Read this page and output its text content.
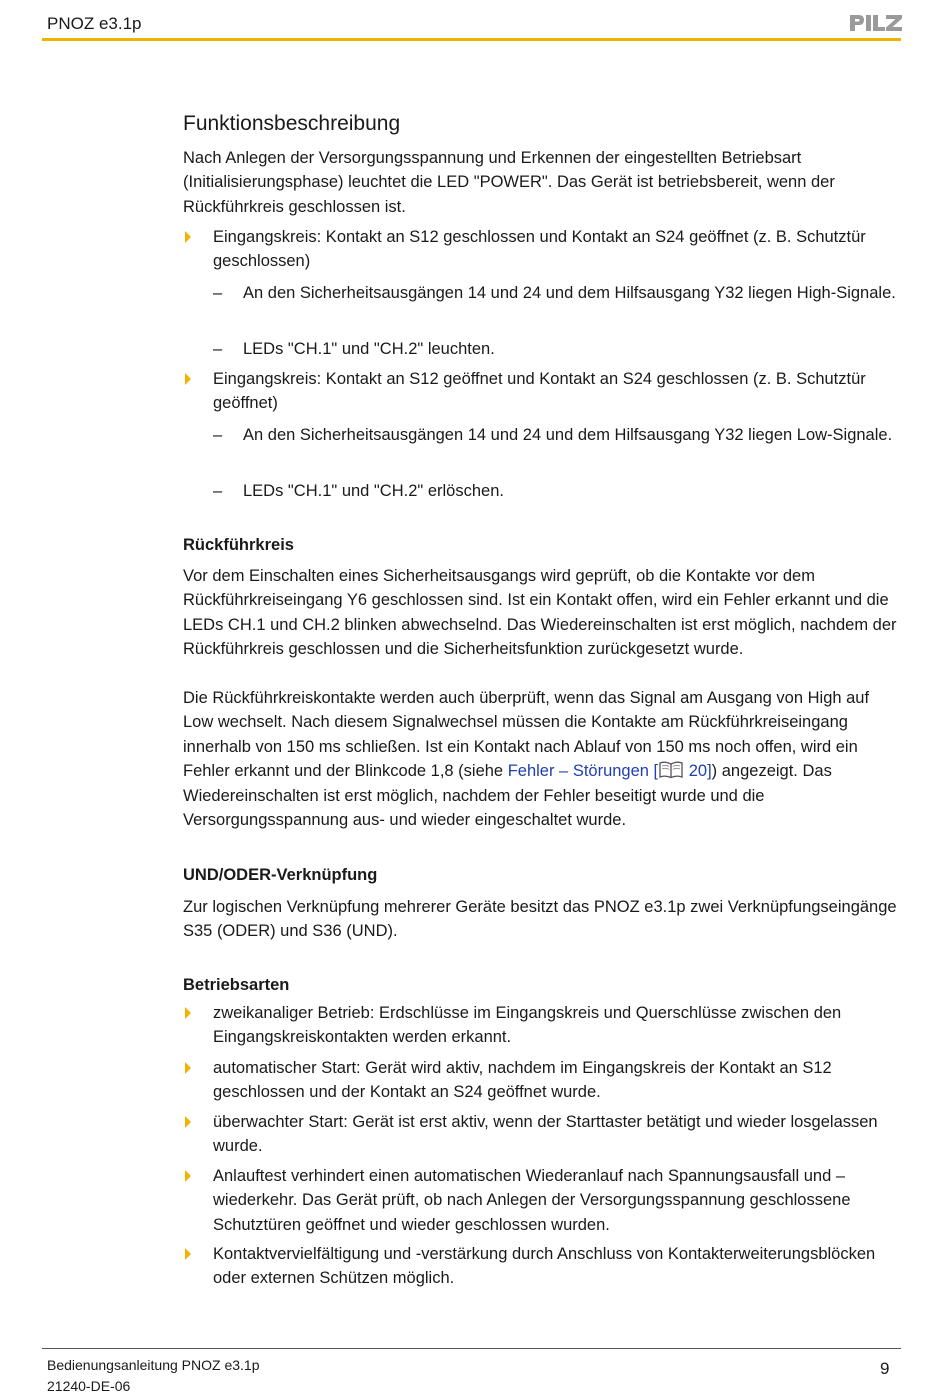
PNOZ e3.1p
Funktionsbeschreibung
Nach Anlegen der Versorgungsspannung und Erkennen der eingestellten Betriebsart (Initialisierungsphase) leuchtet die LED "POWER". Das Gerät ist betriebsbereit, wenn der Rückführkreis geschlossen ist.
Eingangskreis: Kontakt an S12 geschlossen und Kontakt an S24 geöffnet (z. B. Schutztür geschlossen)
– An den Sicherheitsausgängen 14 und 24 und dem Hilfsausgang Y32 liegen High-Signale.
– LEDs "CH.1" und "CH.2" leuchten.
Eingangskreis: Kontakt an S12 geöffnet und Kontakt an S24 geschlossen (z. B. Schutztür geöffnet)
– An den Sicherheitsausgängen 14 und 24 und dem Hilfsausgang Y32 liegen Low-Signale.
– LEDs "CH.1" und "CH.2" erlöschen.
Rückführkreis
Vor dem Einschalten eines Sicherheitsausgangs wird geprüft, ob die Kontakte vor dem Rückführkreiseingang Y6 geschlossen sind. Ist ein Kontakt offen, wird ein Fehler erkannt und die LEDs CH.1 und CH.2 blinken abwechselnd. Das Wiedereinschalten ist erst möglich, nachdem der Rückführkreis geschlossen und die Sicherheitsfunktion zurückgesetzt wurde.
Die Rückführkreiskontakte werden auch überprüft, wenn das Signal am Ausgang von High auf Low wechselt. Nach diesem Signalwechsel müssen die Kontakte am Rückführkreiseingang innerhalb von 150 ms schließen. Ist ein Kontakt nach Ablauf von 150 ms noch offen, wird ein Fehler erkannt und der Blinkcode 1,8 (siehe Fehler – Störungen [ 20]) angezeigt. Das Wiedereinschalten ist erst möglich, nachdem der Fehler beseitigt wurde und die Versorgungsspannung aus- und wieder eingeschaltet wurde.
UND/ODER-Verknüpfung
Zur logischen Verknüpfung mehrerer Geräte besitzt das PNOZ e3.1p zwei Verknüpfungseingänge S35 (ODER) und S36 (UND).
Betriebsarten
zweikanaliger Betrieb: Erdschlüsse im Eingangskreis und Querschlüsse zwischen den Eingangskreiskontakten werden erkannt.
automatischer Start: Gerät wird aktiv, nachdem im Eingangskreis der Kontakt an S12 geschlossen und der Kontakt an S24 geöffnet wurde.
überwachter Start: Gerät ist erst aktiv, wenn der Starttaster betätigt und wieder losgelassen wurde.
Anlauftest verhindert einen automatischen Wiederanlauf nach Spannungsausfall und –wiederkehr. Das Gerät prüft, ob nach Anlegen der Versorgungsspannung geschlossene Schutztüren geöffnet und wieder geschlossen wurden.
Kontaktvervielfältigung und -verstärkung durch Anschluss von Kontakterweiterungsblöcken oder externen Schützen möglich.
Bedienungsanleitung PNOZ e3.1p
21240-DE-06
9
